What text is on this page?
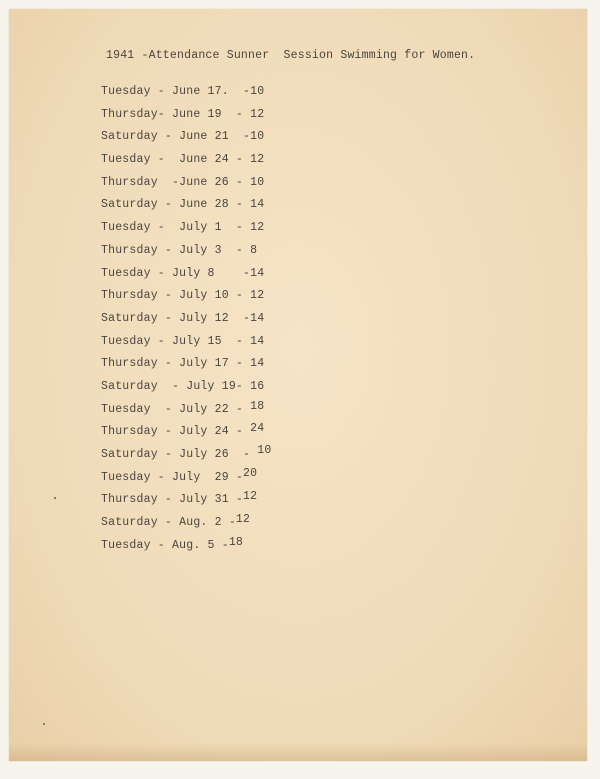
1941 -Attendance Sunner  Session Swimming for Women.
Tuesday - June 17.  -10
Thursday- June 19  - 12
Saturday - June 21  -10
Tuesday -  June 24 - 12
Thursday  -June 26 - 10
Saturday - June 28 - 14
Tuesday -  July 1  - 12
Thursday - July 3  - 8
Tuesday - July 8    -14
Thursday - July 10 - 12
Saturday - July 12  -14
Tuesday - July 15  - 14
Thursday - July 17 - 14
Saturday  - July 19- 16
Tuesday  - July 22 - 18
Thursday - July 24 - 24
Saturday - July 26  - 10
Tuesday - July  29 -20
Thursday - July 31 -12
Saturday - Aug. 2 -12
Tuesday - Aug. 5 -18
